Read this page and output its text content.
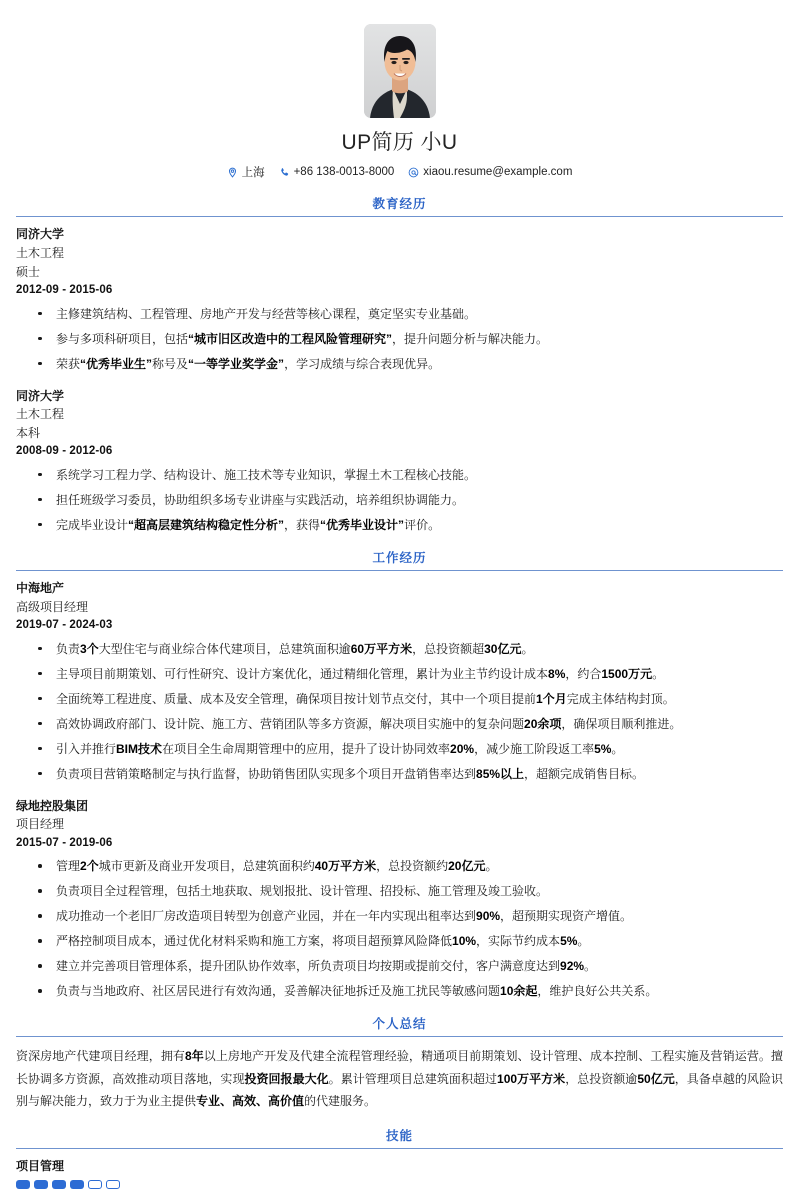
UP简历 小U
上海	+86 138-0013-8000	xiaou.resume@example.com
教育经历
同济大学
土木工程
硕士
2012-09 - 2015-06
主修建筑结构、工程管理、房地产开发与经营等核心课程，奠定坚实专业基础。
参与多项科研项目，包括“城市旧区改造中的工程风险管理研究”，提升问题分析与解决能力。
荣获“优秀毕业生”称号及“一等学业奖学金”，学习成绩与综合表现优异。
同济大学
土木工程
本科
2008-09 - 2012-06
系统学习工程力学、结构设计、施工技术等专业知识，掌握土木工程核心技能。
担任班级学习委员，协助组织多场专业讲座与实践活动，培养组织协调能力。
完成毕业设计“超高层建筑结构稳定性分析”，获得“优秀毕业设计”评价。
工作经历
中海地产
高级项目经理
2019-07 - 2024-03
负责3个大型住宅与商业综合体代建项目，总建筑面积逾60万平方米，总投资额超30亿元。
主导项目前期策划、可行性研究、设计方案优化，通过精细化管理，累计为业主节约设计成本8%，约合1500万元。
全面统筹工程进度、质量、成本及安全管理，确保项目按计划节点交付，其中一个项目提前1个月完成主体结构封顶。
高效协调政府部门、设计院、施工方、营销团队等多方资源，解决项目实施中的复杂问题20余项，确保项目顺利推进。
引入并推行BIM技术在项目全生命周期管理中的应用，提升了设计协同效率20%，减少施工阶段返工率5%。
负责项目营销策略制定与执行监督，协助销售团队实现多个项目开盘销售率达到85%以上，超额完成销售目标。
绿地控股集团
项目经理
2015-07 - 2019-06
管理2个城市更新及商业开发项目，总建筑面积约40万平方米，总投资额约20亿元。
负责项目全过程管理，包括土地获取、规划报批、设计管理、招投标、施工管理及竣工验收。
成功推动一个老旧厂房改造项目转型为创意产业园，并在一年内实现出租率达到90%，超预期实现资产增值。
严格控制项目成本，通过优化材料采购和施工方案，将项目超预算风险降低10%，实际节约成本5%。
建立并完善项目管理体系，提升团队协作效率，所负责项目均按期或提前交付，客户满意度达到92%。
负责与当地政府、社区居民进行有效沟通，妥善解决征地拆迁及施工扰民等敏感问题10余起，维护良好公共关系。
个人总结
资深房地产代建项目经理，拥有8年以上房地产开发及代建全流程管理经验，精通项目前期策划、设计管理、成本控制、工程实施及营销运营。擅长协调多方资源，高效推动项目落地，实现投资回报最大化。累计管理项目总建筑面积超过100万平方米，总投资额逾50亿元，具备卓越的风险识别与解决能力，致力于为业主提供专业、高效、高价值的代建服务。
技能
项目管理
